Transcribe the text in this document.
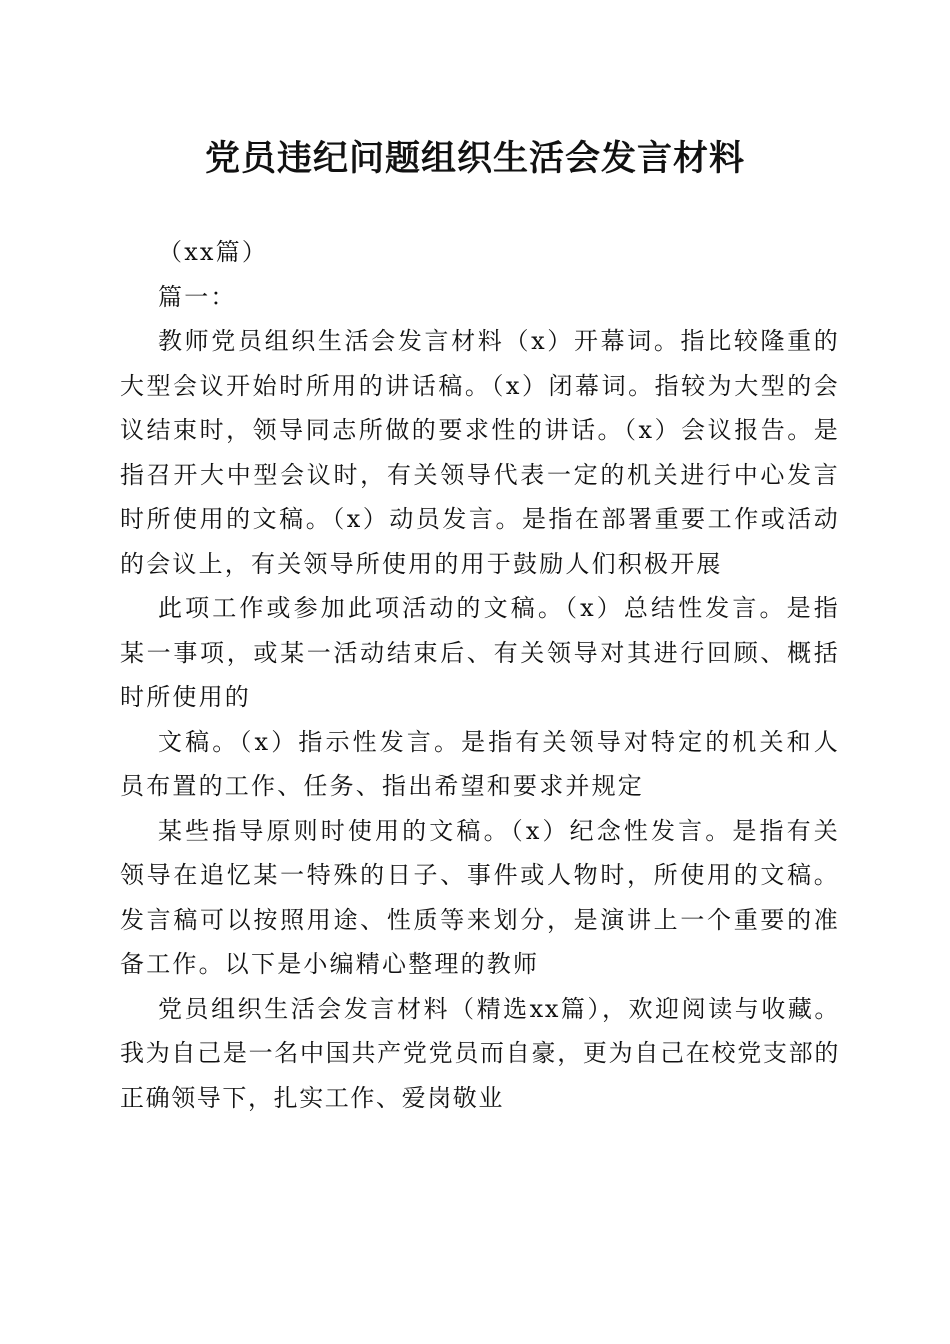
党员违纪问题组织生活会发言材料

（xx篇）

篇一：

教师党员组织生活会发言材料（x）开幕词。指比较隆重的大型会议开始时所用的讲话稿。（x）闭幕词。指较为大型的会议结束时，领导同志所做的要求性的讲话。（x）会议报告。是指召开大中型会议时，有关领导代表一定的机关进行中心发言时所使用的文稿。（x）动员发言。是指在部署重要工作或活动的会议上，有关领导所使用的用于鼓励人们积极开展

此项工作或参加此项活动的文稿。（x）总结性发言。是指某一事项，或某一活动结束后、有关领导对其进行回顾、概括时所使用的

文稿。（x）指示性发言。是指有关领导对特定的机关和人员布置的工作、任务、指出希望和要求并规定

某些指导原则时使用的文稿。（x）纪念性发言。是指有关领导在追忆某一特殊的日子、事件或人物时，所使用的文稿。发言稿可以按照用途、性质等来划分，是演讲上一个重要的准备工作。以下是小编精心整理的教师

党员组织生活会发言材料（精选xx篇），欢迎阅读与收藏。我为自己是一名中国共产党党员而自豪，更为自己在校党支部的正确领导下，扎实工作、爱岗敬业
